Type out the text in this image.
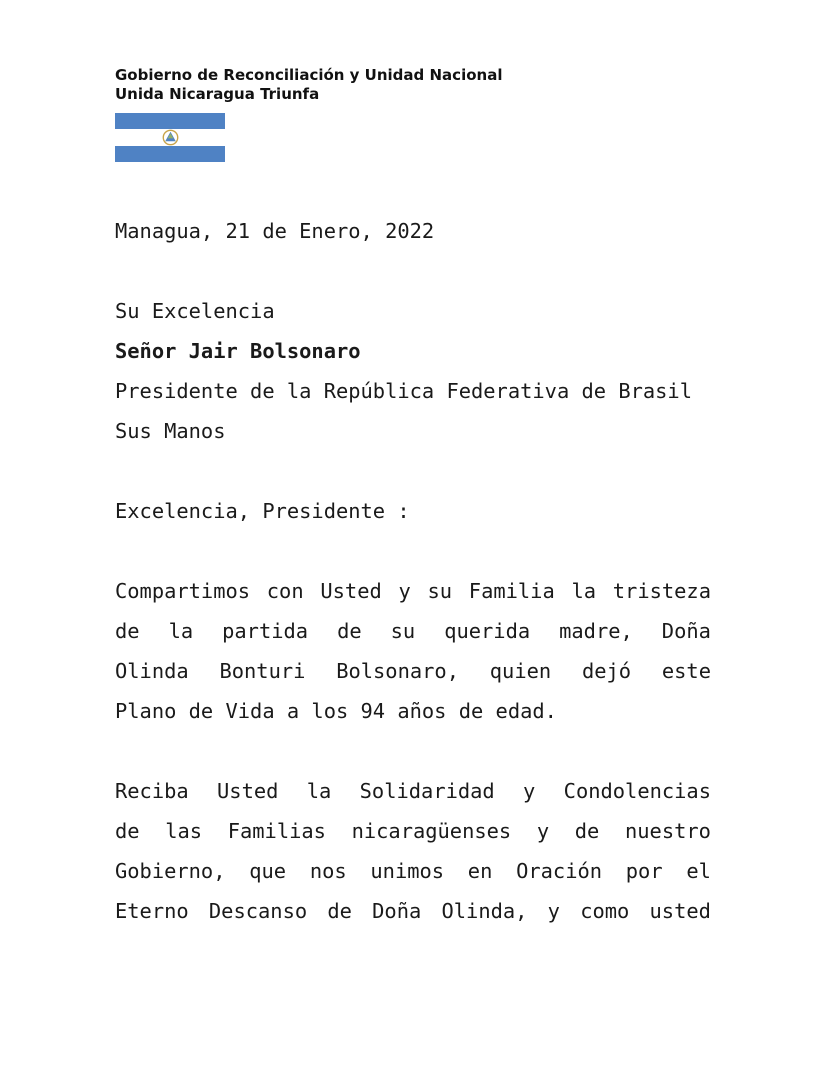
Gobierno de Reconciliación y Unidad Nacional
Unida Nicaragua Triunfa
Managua, 21 de Enero, 2022
Su Excelencia
Señor Jair Bolsonaro
Presidente de la República Federativa de Brasil
Sus Manos
Excelencia, Presidente :
Compartimos con Usted y su Familia la tristeza
de la partida de su querida madre, Doña
Olinda Bonturi Bolsonaro, quien dejó este
Plano de Vida a los 94 años de edad.
Reciba Usted la Solidaridad y Condolencias
de las Familias nicaragüenses y de nuestro
Gobierno, que nos unimos en Oración por el
Eterno Descanso de Doña Olinda, y como usted
